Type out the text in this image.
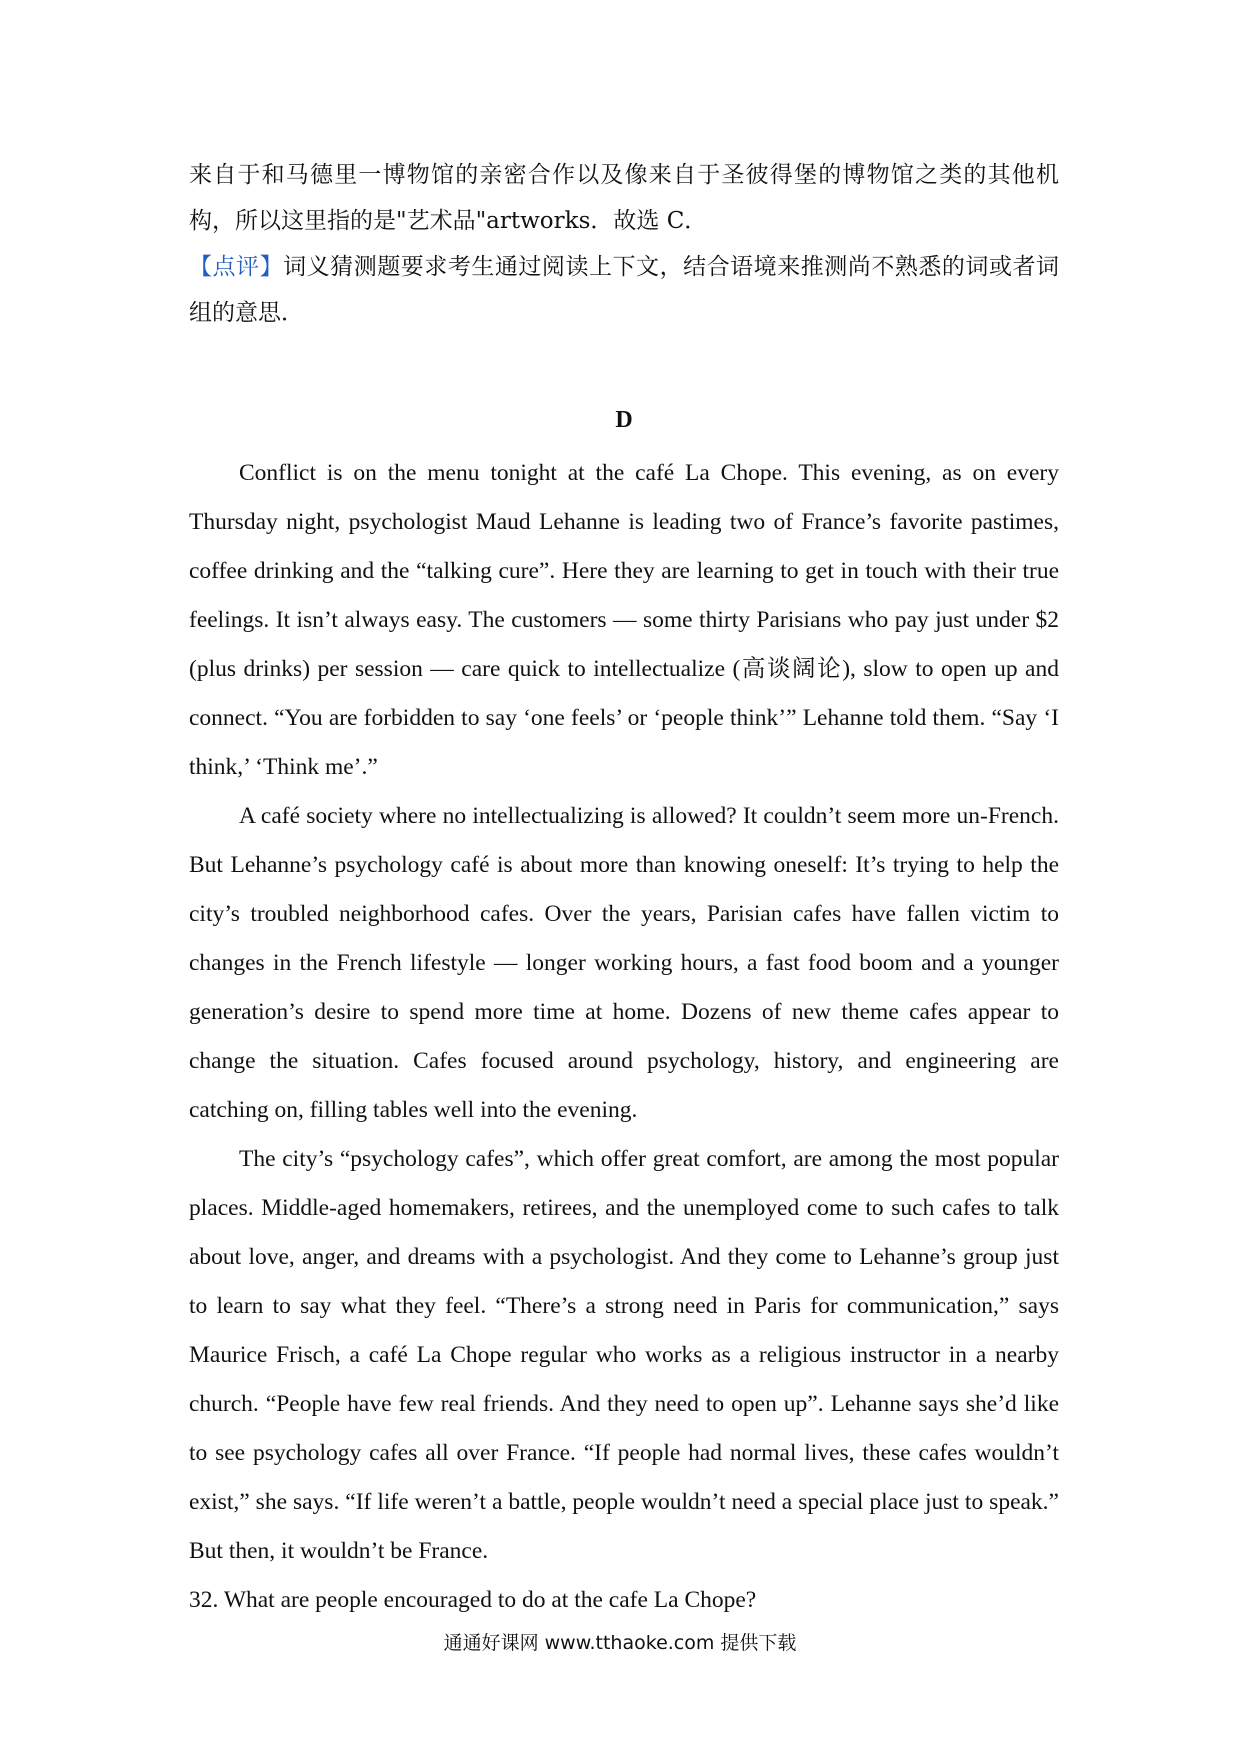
来自于和马德里一博物馆的亲密合作以及像来自于圣彼得堡的博物馆之类的其他机构，所以这里指的是"艺术品"artworks．故选 C．

【点评】词义猜测题要求考生通过阅读上下文，结合语境来推测尚不熟悉的词或者词组的意思．

D

Conflict is on the menu tonight at the café La Chope. This evening, as on every Thursday night, psychologist Maud Lehanne is leading two of France’s favorite pastimes, coffee drinking and the “talking cure”. Here they are learning to get in touch with their true feelings. It isn’t always easy. The customers — some thirty Parisians who pay just under $2 (plus drinks) per session — care quick to intellectualize (高谈阔论), slow to open up and connect. “You are forbidden to say ‘one feels’ or ‘people think’” Lehanne told them. “Say ‘I think,’ ‘Think me’.”

A café society where no intellectualizing is allowed? It couldn’t seem more un-French. But Lehanne’s psychology café is about more than knowing oneself: It’s trying to help the city’s troubled neighborhood cafes. Over the years, Parisian cafes have fallen victim to changes in the French lifestyle — longer working hours, a fast food boom and a younger generation’s desire to spend more time at home. Dozens of new theme cafes appear to change the situation. Cafes focused around psychology, history, and engineering are catching on, filling tables well into the evening.

The city’s “psychology cafes”, which offer great comfort, are among the most popular places. Middle-aged homemakers, retirees, and the unemployed come to such cafes to talk about love, anger, and dreams with a psychologist. And they come to Lehanne’s group just to learn to say what they feel. “There’s a strong need in Paris for communication,” says Maurice Frisch, a café La Chope regular who works as a religious instructor in a nearby church. “People have few real friends. And they need to open up”. Lehanne says she’d like to see psychology cafes all over France. “If people had normal lives, these cafes wouldn’t exist,” she says. “If life weren’t a battle, people wouldn’t need a special place just to speak.” But then, it wouldn’t be France.

32. What are people encouraged to do at the cafe La Chope?

通通好课网 www.tthaoke.com 提供下载
